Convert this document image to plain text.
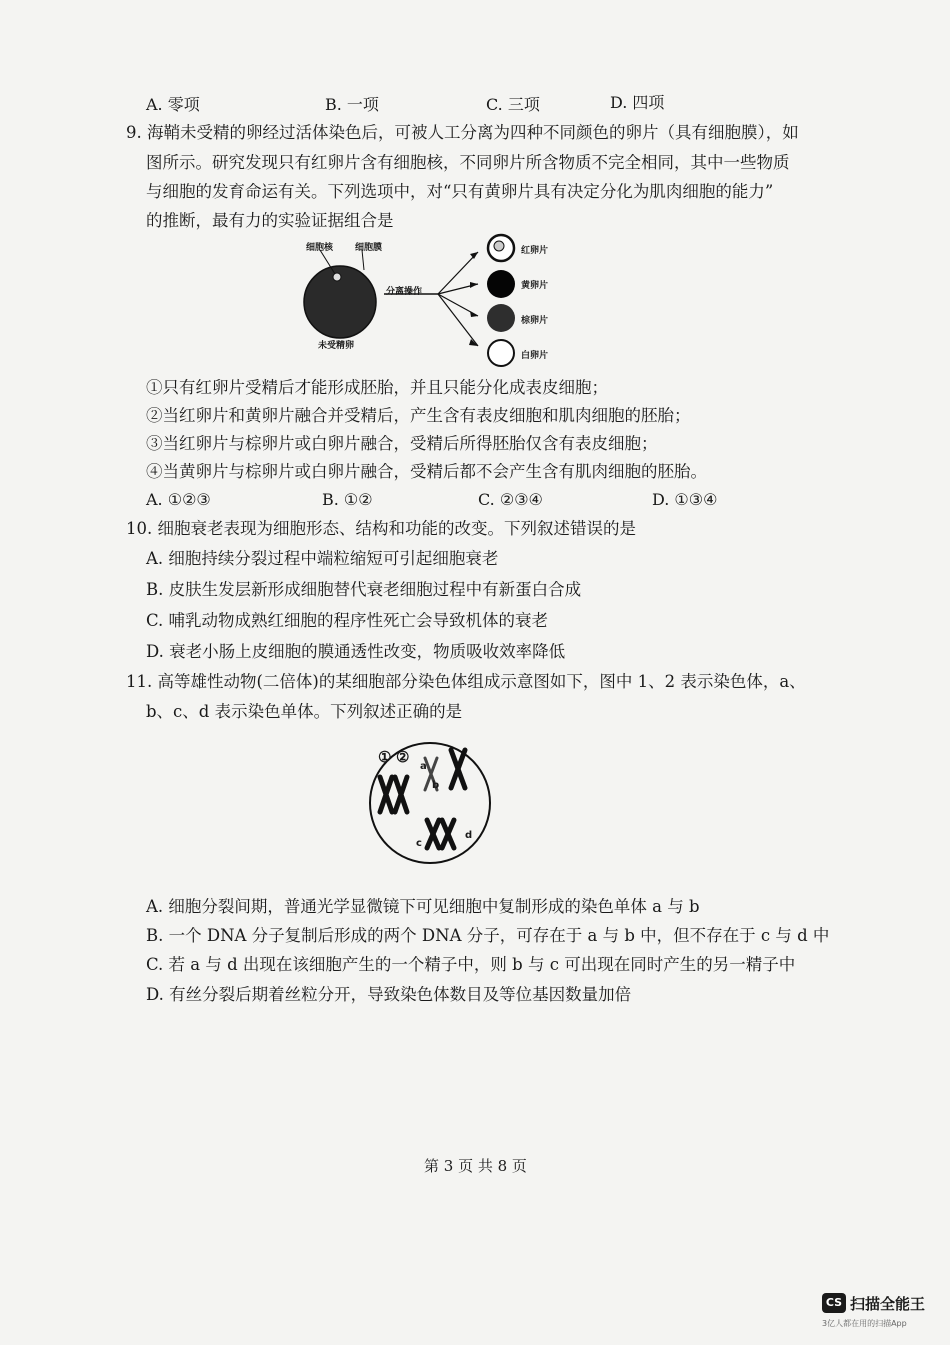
A. 零项	B. 一项	C. 三项	D. 四项
9. 海鞘未受精的卵经过活体染色后，可被人工分离为四种不同颜色的卵片（具有细胞膜），如
图所示。研究发现只有红卵片含有细胞核，不同卵片所含物质不完全相同，其中一些物质
与细胞的发育命运有关。下列选项中，对“只有黄卵片具有决定分化为肌肉细胞的能力”
的推断，最有力的实验证据组合是
细胞核 细胞膜
未受精卵
分离操作
红卵片
黄卵片
棕卵片
白卵片
①只有红卵片受精后才能形成胚胎，并且只能分化成表皮细胞；
②当红卵片和黄卵片融合并受精后，产生含有表皮细胞和肌肉细胞的胚胎；
③当红卵片与棕卵片或白卵片融合，受精后所得胚胎仅含有表皮细胞；
④当黄卵片与棕卵片或白卵片融合，受精后都不会产生含有肌肉细胞的胚胎。
A. ①②③	B. ①②	C. ②③④	D. ①③④
10. 细胞衰老表现为细胞形态、结构和功能的改变。下列叙述错误的是
A. 细胞持续分裂过程中端粒缩短可引起细胞衰老
B. 皮肤生发层新形成细胞替代衰老细胞过程中有新蛋白合成
C. 哺乳动物成熟红细胞的程序性死亡会导致机体的衰老
D. 衰老小肠上皮细胞的膜通透性改变，物质吸收效率降低
11. 高等雄性动物(二倍体)的某细胞部分染色体组成示意图如下，图中 1、2 表示染色体，a、
b、c、d 表示染色单体。下列叙述正确的是
① ②
a
b
c
d
A. 细胞分裂间期，普通光学显微镜下可见细胞中复制形成的染色单体 a 与 b
B. 一个 DNA 分子复制后形成的两个 DNA 分子，可存在于 a 与 b 中，但不存在于 c 与 d 中
C. 若 a 与 d 出现在该细胞产生的一个精子中，则 b 与 c 可出现在同时产生的另一精子中
D. 有丝分裂后期着丝粒分开，导致染色体数目及等位基因数量加倍
第 3 页 共 8 页
CS 扫描全能王
3亿人都在用的扫描App
